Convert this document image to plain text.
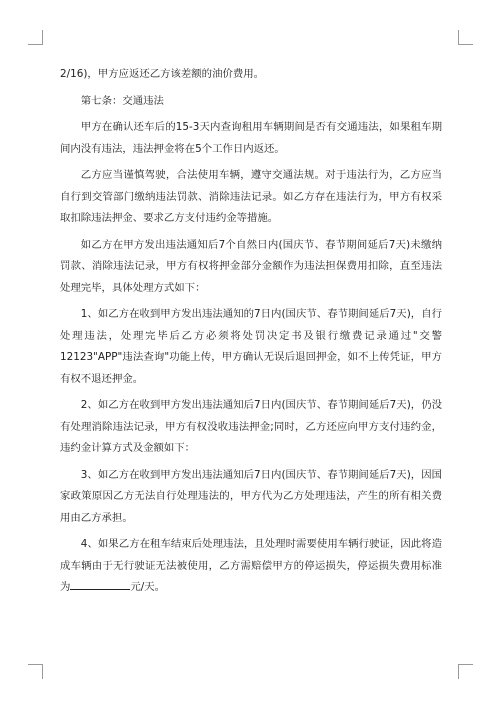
2/16)，甲方应返还乙方该差额的油价费用。

第七条：交通违法

甲方在确认还车后的15-3天内查询租用车辆期间是否有交通违法，如果租车期间内没有违法，违法押金将在5个工作日内返还。

乙方应当谨慎驾驶，合法使用车辆，遵守交通法规。对于违法行为，乙方应当自行到交管部门缴纳违法罚款、消除违法记录。如乙方存在违法行为，甲方有权采取扣除违法押金、要求乙方支付违约金等措施。

如乙方在甲方发出违法通知后7个自然日内(国庆节、春节期间延后7天)未缴纳罚款、消除违法记录，甲方有权将押金部分金额作为违法担保费用扣除，直至违法处理完毕，具体处理方式如下：

1、如乙方在收到甲方发出违法通知的7日内(国庆节、春节期间延后7天)，自行处理违法，处理完毕后乙方必须将处罚决定书及银行缴费记录通过"交警12123"APP"违法查询"功能上传，甲方确认无误后退回押金，如不上传凭证，甲方有权不退还押金。

2、如乙方在收到甲方发出违法通知后7日内(国庆节、春节期间延后7天)，仍没有处理消除违法记录，甲方有权没收违法押金;同时，乙方还应向甲方支付违约金，违约金计算方式及金额如下：

3、如乙方在收到甲方发出违法通知后7日内(国庆节、春节期间延后7天)，因国家政策原因乙方无法自行处理违法的，甲方代为乙方处理违法，产生的所有相关费用由乙方承担。

4、如果乙方在租车结束后处理违法，且处理时需要使用车辆行驶证，因此将造成车辆由于无行驶证无法被使用，乙方需赔偿甲方的停运损失，停运损失费用标准为	元/天。
